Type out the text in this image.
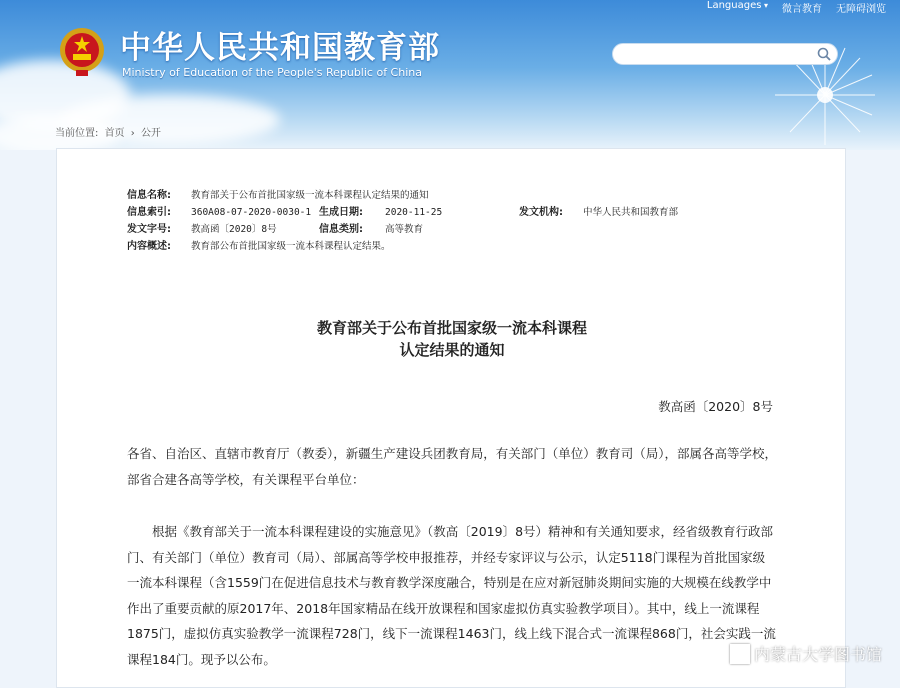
Languages ▾	微言教育 无障碍浏览
中华人民共和国教育部
Ministry of Education of the People's Republic of China
当前位置: 首页 › 公开
信息名称: 教育部关于公布首批国家级一流本科课程认定结果的通知
信息索引: 360A08-07-2020-0030-1 生成日期: 2020-11-25	发文机构: 中华人民共和国教育部
发文字号: 教高函〔2020〕8号	信息类别: 高等教育
内容概述: 教育部公布首批国家级一流本科课程认定结果。
教育部关于公布首批国家级一流本科课程
认定结果的通知
教高函〔2020〕8号
各省、自治区、直辖市教育厅（教委），新疆生产建设兵团教育局，有关部门（单位）教育司（局），部属各高等学校，部省合建各高等学校，有关课程平台单位：
根据《教育部关于一流本科课程建设的实施意见》（教高〔2019〕8号）精神和有关通知要求，经省级教育行政部门、有关部门（单位）教育司（局）、部属高等学校申报推荐，并经专家评议与公示，认定5118门课程为首批国家级一流本科课程（含1559门在促进信息技术与教育教学深度融合，特别是在应对新冠肺炎期间实施的大规模在线教学中作出了重要贡献的原2017年、2018年国家精品在线开放课程和国家虚拟仿真实验教学项目）。其中，线上一流课程1875门，虚拟仿真实验教学一流课程728门，线下一流课程1463门，线上线下混合式一流课程868门，社会实践一流课程184门。现予以公布。	内蒙古大学图书馆
